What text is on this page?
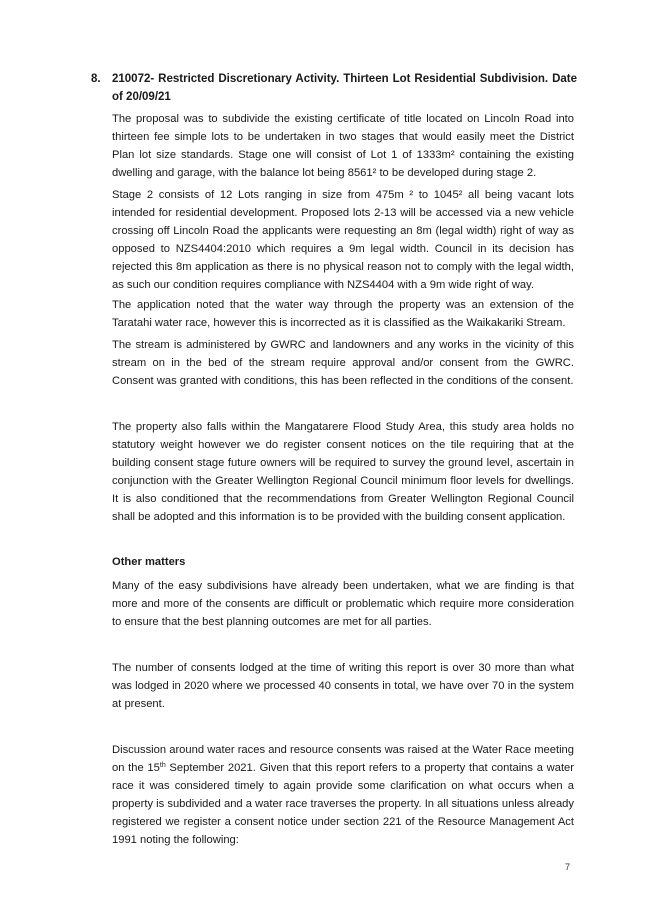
8. 210072- Restricted Discretionary Activity. Thirteen Lot Residential Subdivision. Date of 20/09/21

The proposal was to subdivide the existing certificate of title located on Lincoln Road into thirteen fee simple lots to be undertaken in two stages that would easily meet the District Plan lot size standards. Stage one will consist of Lot 1 of 1333m² containing the existing dwelling and garage, with the balance lot being 8561² to be developed during stage 2.

Stage 2 consists of 12 Lots ranging in size from 475m ² to 1045² all being vacant lots intended for residential development. Proposed lots 2-13 will be accessed via a new vehicle crossing off Lincoln Road the applicants were requesting an 8m (legal width) right of way as opposed to NZS4404:2010 which requires a 9m legal width. Council in its decision has rejected this 8m application as there is no physical reason not to comply with the legal width, as such our condition requires compliance with NZS4404 with a 9m wide right of way.

The application noted that the water way through the property was an extension of the Taratahi water race, however this is incorrected as it is classified as the Waikakariki Stream.

The stream is administered by GWRC and landowners and any works in the vicinity of this stream on in the bed of the stream require approval and/or consent from the GWRC. Consent was granted with conditions, this has been reflected in the conditions of the consent.

The property also falls within the Mangatarere Flood Study Area, this study area holds no statutory weight however we do register consent notices on the tile requiring that at the building consent stage future owners will be required to survey the ground level, ascertain in conjunction with the Greater Wellington Regional Council minimum floor levels for dwellings. It is also conditioned that the recommendations from Greater Wellington Regional Council shall be adopted and this information is to be provided with the building consent application.

Other matters

Many of the easy subdivisions have already been undertaken, what we are finding is that more and more of the consents are difficult or problematic which require more consideration to ensure that the best planning outcomes are met for all parties.

The number of consents lodged at the time of writing this report is over 30 more than what was lodged in 2020 where we processed 40 consents in total, we have over 70 in the system at present.

Discussion around water races and resource consents was raised at the Water Race meeting on the 15th September 2021. Given that this report refers to a property that contains a water race it was considered timely to again provide some clarification on what occurs when a property is subdivided and a water race traverses the property. In all situations unless already registered we register a consent notice under section 221 of the Resource Management Act 1991 noting the following:

7
